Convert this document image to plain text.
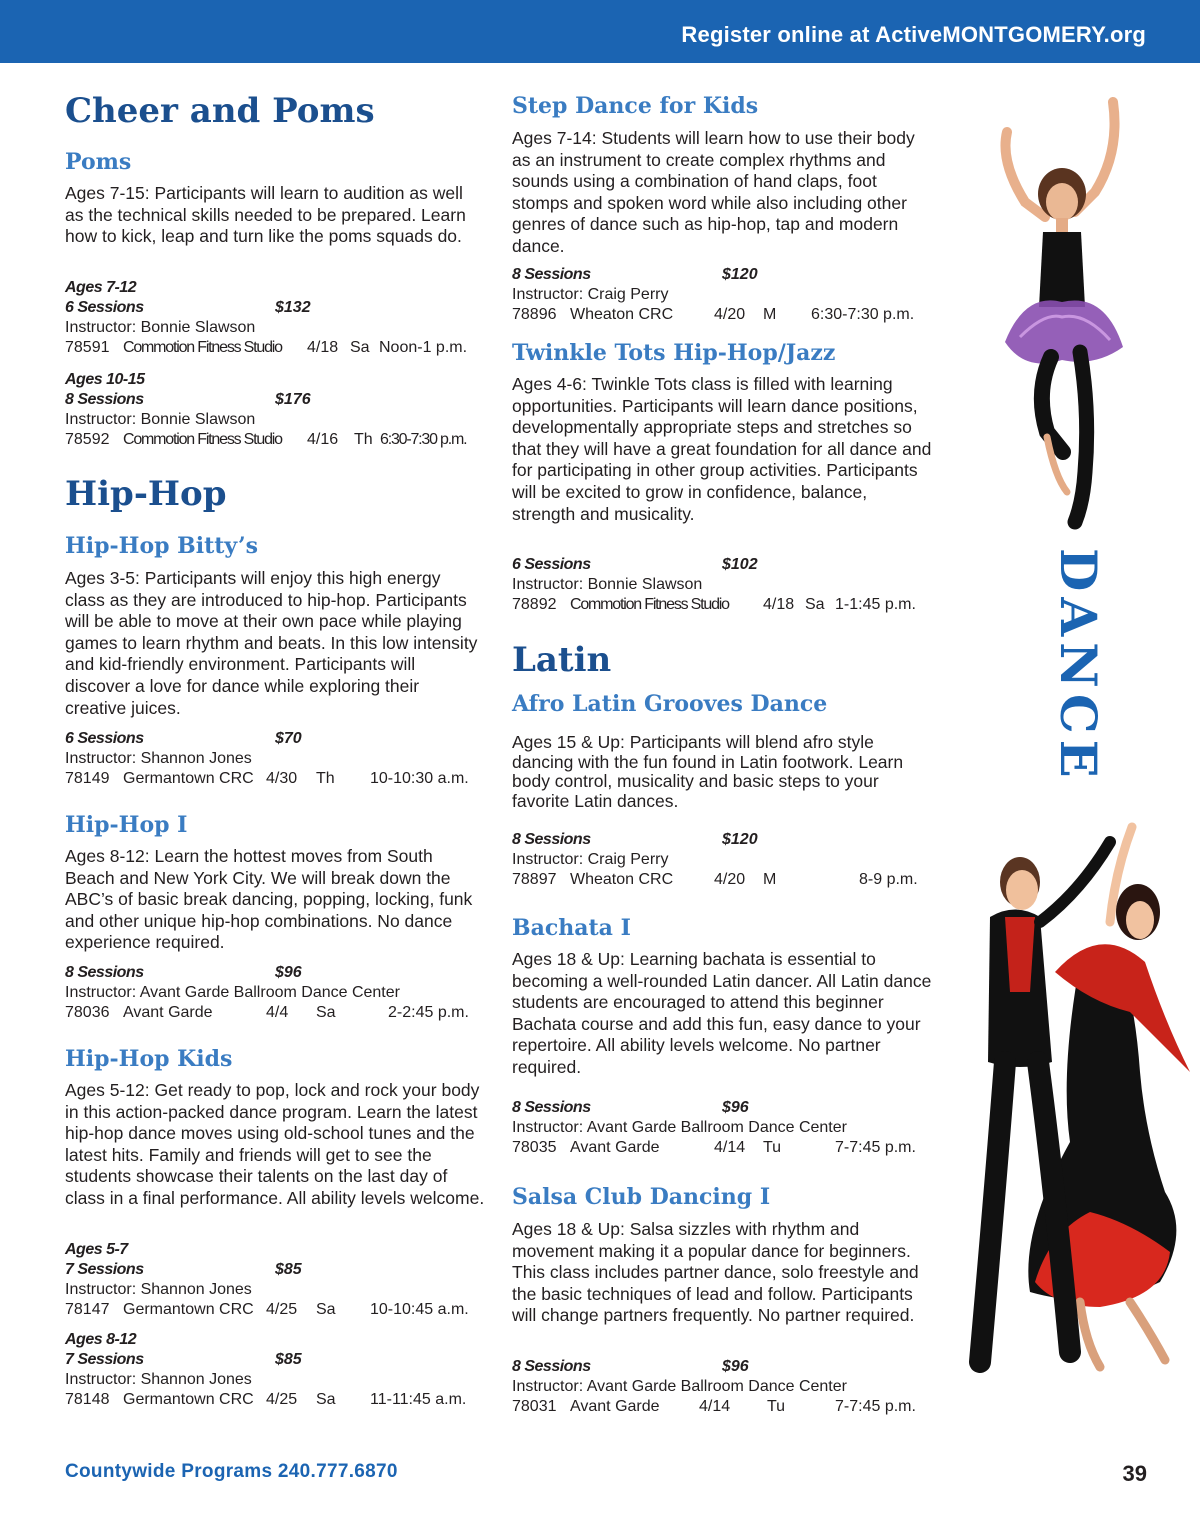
Register online at ActiveMONTGOMERY.org
Cheer and Poms
Poms

Ages 7-15: Participants will learn to audition as well as the technical skills needed to be prepared. Learn how to kick, leap and turn like the poms squads do.

Ages 7-12
6 Sessions	$132
Instructor: Bonnie Slawson
78591 Commotion Fitness Studio 4/18 Sa Noon-1 p.m.
Ages 10-15
8 Sessions	$176
Instructor: Bonnie Slawson
78592 Commotion Fitness Studio 4/16 Th 6:30-7:30 p.m.
Hip-Hop
Hip-Hop Bitty’s

Ages 3-5: Participants will enjoy this high energy class as they are introduced to hip-hop. Participants will be able to move at their own pace while playing games to learn rhythm and beats. In this low intensity and kid-friendly environment. Participants will discover a love for dance while exploring their creative juices.

6 Sessions	$70
Instructor: Shannon Jones
78149 Germantown CRC 4/30 Th 10-10:30 a.m.
Hip-Hop I

Ages 8-12: Learn the hottest moves from South Beach and New York City. We will break down the ABC’s of basic break dancing, popping, locking, funk and other unique hip-hop combinations. No dance experience required.

8 Sessions	$96
Instructor: Avant Garde Ballroom Dance Center
78036 Avant Garde	4/4 Sa	2-2:45 p.m.
Hip-Hop Kids

Ages 5-12: Get ready to pop, lock and rock your body in this action-packed dance program. Learn the latest hip-hop dance moves using old-school tunes and the latest hits. Family and friends will get to see the students showcase their talents on the last day of class in a final performance. All ability levels welcome.

Ages 5-7
7 Sessions	$85
Instructor: Shannon Jones
78147 Germantown CRC 4/25 Sa 10-10:45 a.m.
Ages 8-12
7 Sessions	$85
Instructor: Shannon Jones
78148 Germantown CRC 4/25 Sa 11-11:45 a.m.
Step Dance for Kids

Ages 7-14: Students will learn how to use their body as an instrument to create complex rhythms and sounds using a combination of hand claps, foot stomps and spoken word while also including other genres of dance such as hip-hop, tap and modern dance.

8 Sessions	$120
Instructor: Craig Perry
78896 Wheaton CRC	4/20 M 6:30-7:30 p.m.
Twinkle Tots Hip-Hop/Jazz

Ages 4-6: Twinkle Tots class is filled with learning opportunities. Participants will learn dance positions, developmentally appropriate steps and stretches so that they will have a great foundation for all dance and for participating in other group activities. Participants will be excited to grow in confidence, balance, strength and musicality.

6 Sessions	$102
Instructor: Bonnie Slawson
78892 Commotion Fitness Studio 4/18 Sa 1-1:45 p.m.
Latin
Afro Latin Grooves Dance

Ages 15 & Up: Participants will blend afro style dancing with the fun found in Latin footwork. Learn body control, musicality and basic steps to your favorite Latin dances.

8 Sessions	$120
Instructor: Craig Perry
78897 Wheaton CRC	4/20 M	8-9 p.m.
Bachata I

Ages 18 & Up: Learning bachata is essential to becoming a well-rounded Latin dancer. All Latin dance students are encouraged to attend this beginner Bachata course and add this fun, easy dance to your repertoire. All ability levels welcome. No partner required.

8 Sessions	$96
Instructor: Avant Garde Ballroom Dance Center
78035 Avant Garde	4/14 Tu	7-7:45 p.m.
Salsa Club Dancing I

Ages 18 & Up: Salsa sizzles with rhythm and movement making it a popular dance for beginners. This class includes partner dance, solo freestyle and the basic techniques of lead and follow. Participants will change partners frequently. No partner required.

8 Sessions	$96
Instructor: Avant Garde Ballroom Dance Center
78031 Avant Garde 4/14 Tu	7-7:45 p.m.
DANCE
Countywide Programs 240.777.6870	39
